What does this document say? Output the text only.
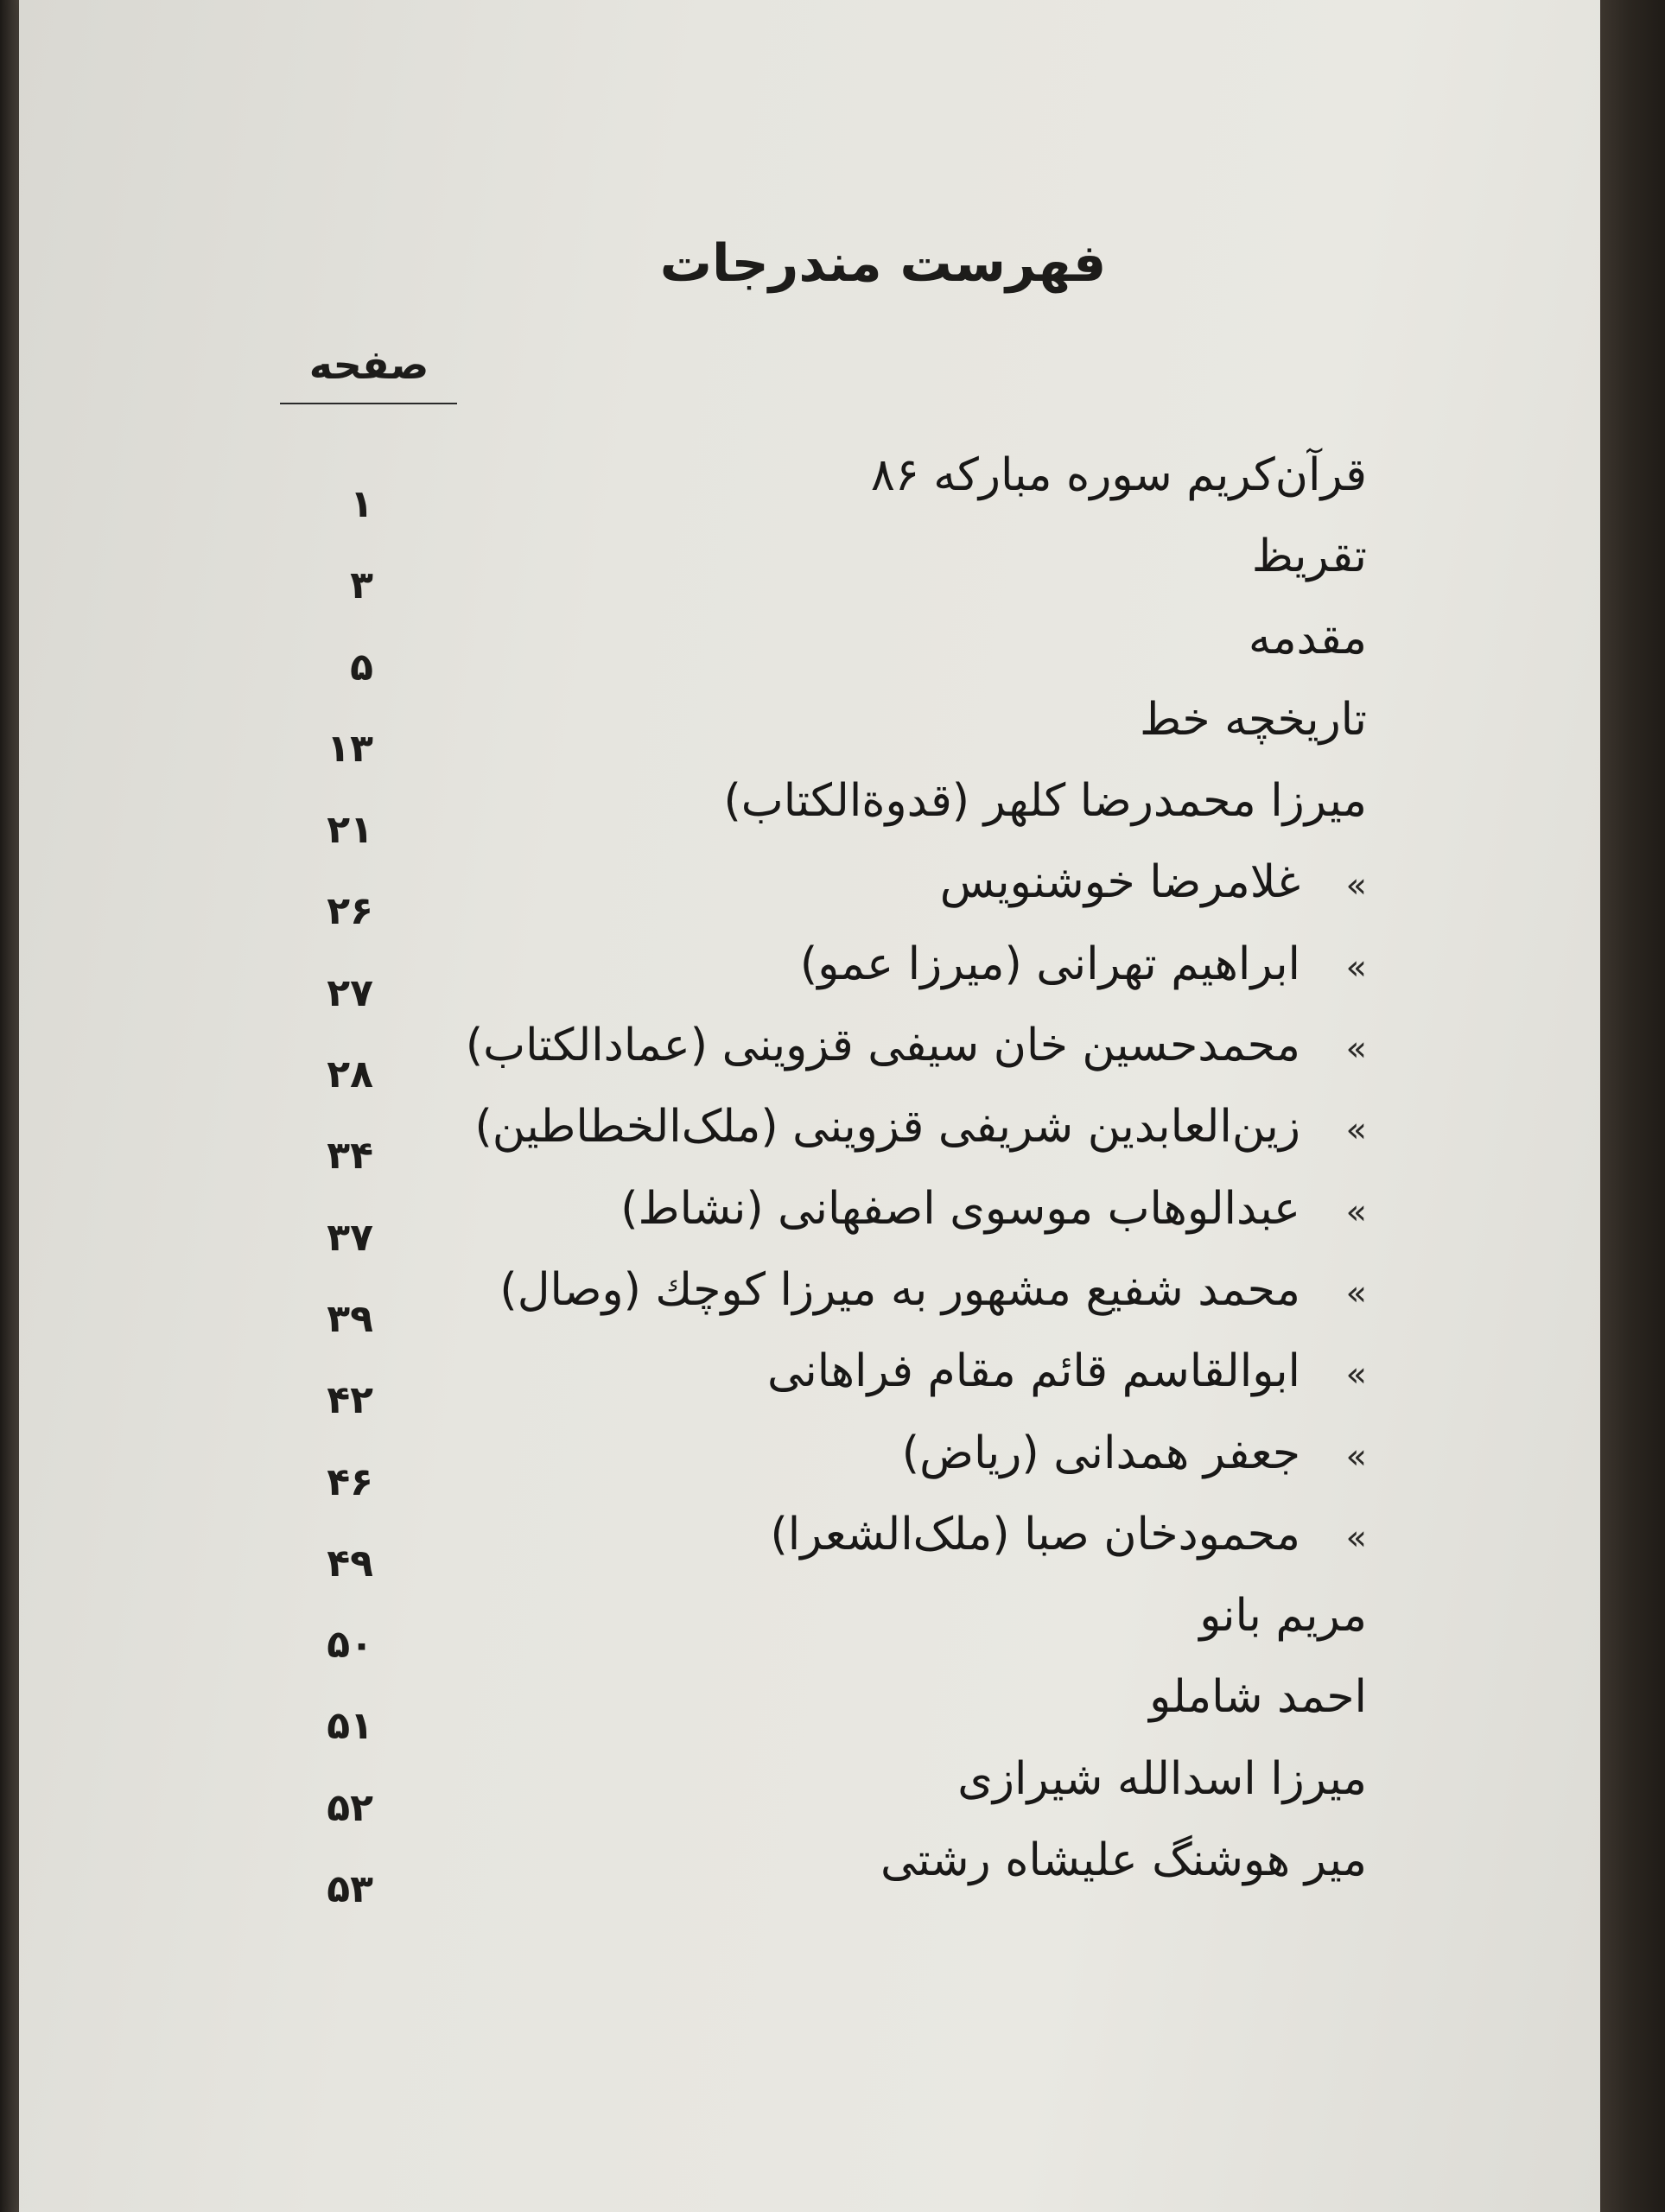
فهرست مندرجات
صفحه
قرآن‌کریم سوره مبارکه ۸۶
۱
تقریظ
۳
مقدمه
۵
تاریخچه خط
۱۳
میرزا محمدرضا کلهر (قدوة‌الکتاب)
۲۱
»غلامرضا خوشنویس
۲۶
»ابراهیم تهرانی (میرزا عمو)
۲۷
»محمدحسین خان سیفی قزوینی (عمادالکتاب)
۲۸
»زین‌العابدین شریفی قزوینی (ملک‌الخطاطین)
۳۴
»عبدالوهاب موسوی اصفهانی (نشاط)
۳۷
»محمد شفیع مشهور به میرزا کوچك (وصال)
۳۹
»ابوالقاسم قائم مقام فراهانی
۴۲
»جعفر همدانی (ریاض)
۴۶
»محمودخان صبا (ملک‌الشعرا)
۴۹
مریم بانو
۵۰
احمد شاملو
۵۱
میرزا اسدالله شیرازی
۵۲
میر هوشنگ علیشاه رشتی
۵۳
